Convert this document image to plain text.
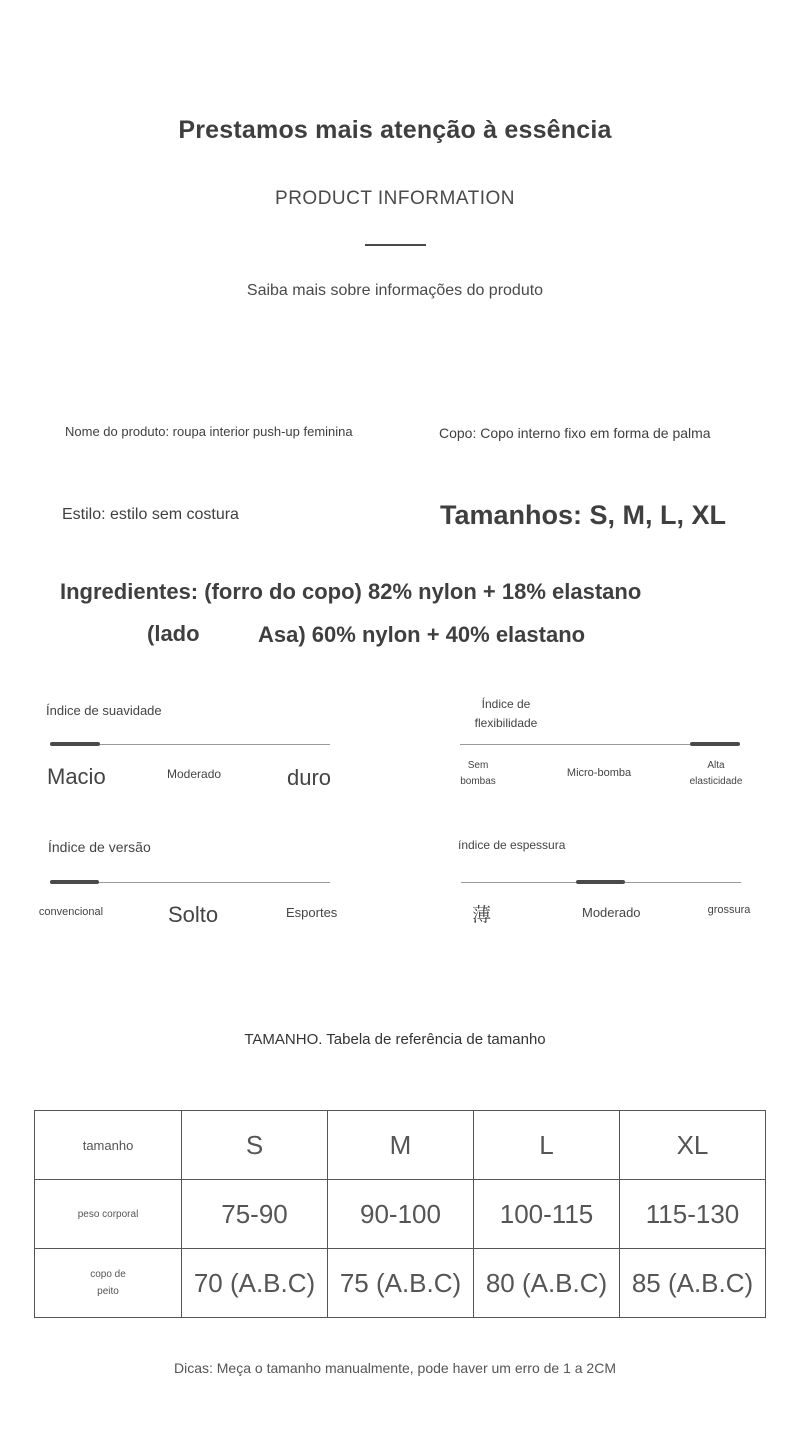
Prestamos mais atenção à essência
PRODUCT INFORMATION
Saiba mais sobre informações do produto
Nome do produto: roupa interior push-up feminina	Copo: Copo interno fixo em forma de palma
Estilo: estilo sem costura	Tamanhos: S, M, L, XL
Ingredientes: (forro do copo) 82% nylon + 18% elastano
(lado	Asa) 60% nylon + 40% elastano
Índice de suavidade
Macio	Moderado	duro
Índice de
flexibilidade
Sem
bombas
Micro-bomba
Alta
elasticidade
Índice de versão
convencional	Solto	Esportes
índice de espessura
薄	Moderado	grossura
TAMANHO. Tabela de referência de tamanho
tamanho	S	M	L	XL
peso corporal	75-90	90-100	100-115	115-130

copo de
peito	70 (A.B.C)	75 (A.B.C)	80 (A.B.C)	85 (A.B.C)
Dicas: Meça o tamanho manualmente, pode haver um erro de 1 a 2CM
